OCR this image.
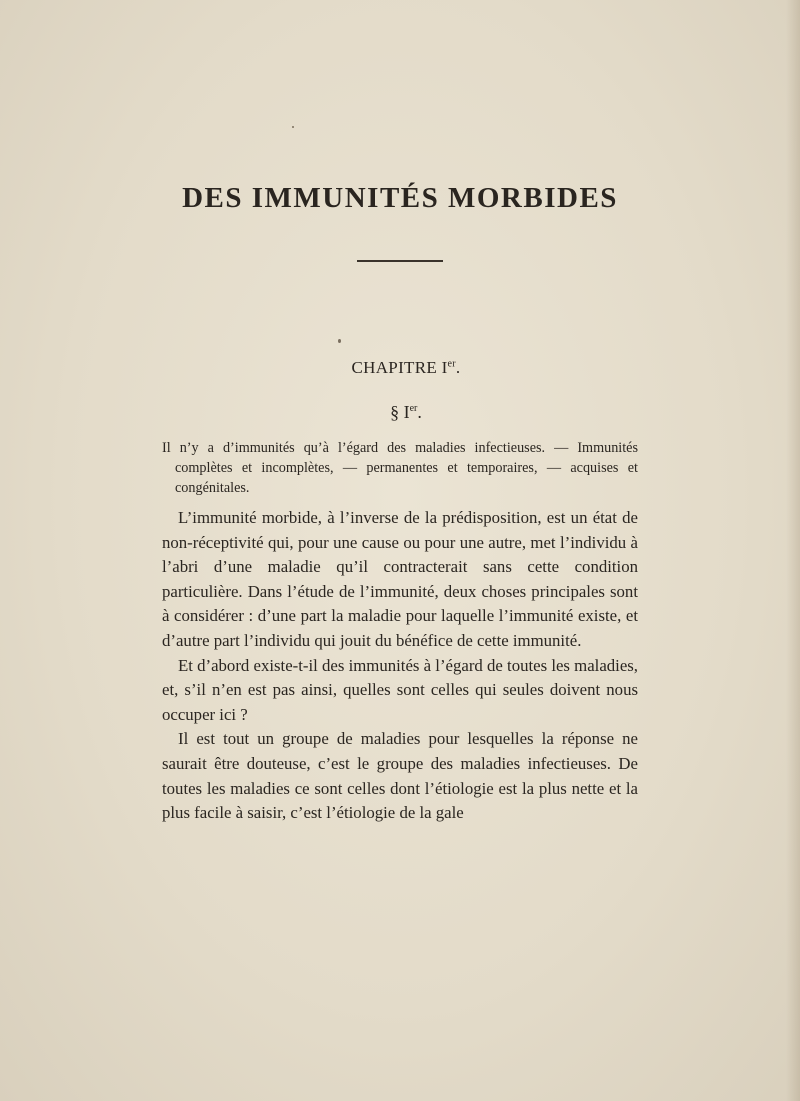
DES IMMUNITÉS MORBIDES
CHAPITRE Ier.
§ Ier.
Il n’y a d’immunités qu’à l’égard des maladies infectieuses. — Immunités complètes et incomplètes, — permanentes et temporaires, — acquises et congénitales.

L’immunité morbide, à l’inverse de la prédisposition, est un état de non-réceptivité qui, pour une cause ou pour une autre, met l’individu à l’abri d’une maladie qu’il contracterait sans cette condition particulière. Dans l’étude de l’immunité, deux choses principales sont à considérer : d’une part la maladie pour laquelle l’immunité existe, et d’autre part l’individu qui jouit du bénéfice de cette immunité.

Et d’abord existe-t-il des immunités à l’égard de toutes les maladies, et, s’il n’en est pas ainsi, quelles sont celles qui seules doivent nous occuper ici ?

Il est tout un groupe de maladies pour lesquelles la réponse ne saurait être douteuse, c’est le groupe des maladies infectieuses. De toutes les maladies ce sont celles dont l’étiologie est la plus nette et la plus facile à saisir, c’est l’étiologie de la gale
